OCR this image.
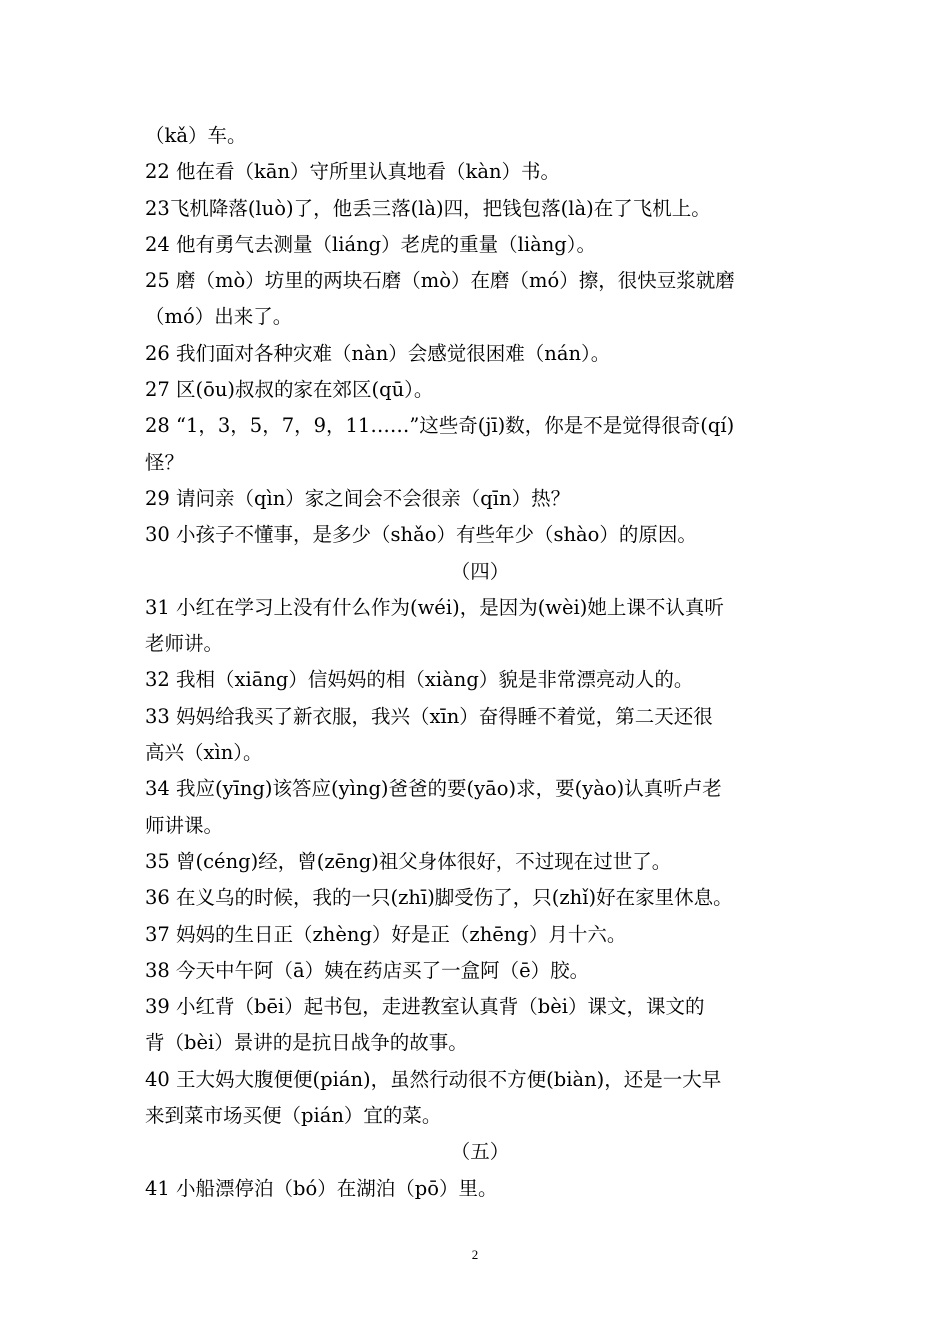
（kǎ）车。
22 他在看（kān）守所里认真地看（kàn）书。
23飞机降落(luò)了，他丢三落(là)四，把钱包落(là)在了飞机上。
24 他有勇气去测量（liáng）老虎的重量（liàng）。
25 磨（mò）坊里的两块石磨（mò）在磨（mó）擦，很快豆浆就磨
（mó）出来了。
26 我们面对各种灾难（nàn）会感觉很困难（nán）。
27 区(ōu)叔叔的家在郊区(qū）。
28 “1，3，5，7，9，11……”这些奇(jī)数，你是不是觉得很奇(qí)
怪？
29 请问亲（qìn）家之间会不会很亲（qīn）热？
30 小孩子不懂事，是多少（shǎo）有些年少（shào）的原因。
（四）
31 小红在学习上没有什么作为(wéi)，是因为(wèi)她上课不认真听
老师讲。
32 我相（xiāng）信妈妈的相（xiàng）貌是非常漂亮动人的。
33 妈妈给我买了新衣服，我兴（xīn）奋得睡不着觉，第二天还很
高兴（xìn）。
34 我应(yīng)该答应(yìng)爸爸的要(yāo)求，要(yào)认真听卢老
师讲课。
35 曾(céng)经，曾(zēng)祖父身体很好，不过现在过世了。
36 在义乌的时候，我的一只(zhī)脚受伤了，只(zhǐ)好在家里休息。
37 妈妈的生日正（zhèng）好是正（zhēng）月十六。
38 今天中午阿（ā）姨在药店买了一盒阿（ē）胶。
39 小红背（bēi）起书包，走进教室认真背（bèi）课文，课文的
背（bèi）景讲的是抗日战争的故事。
40 王大妈大腹便便(pián)，虽然行动很不方便(biàn)，还是一大早
来到菜市场买便（pián）宜的菜。
（五）
41 小船漂停泊（bó）在湖泊（pō）里。
2
